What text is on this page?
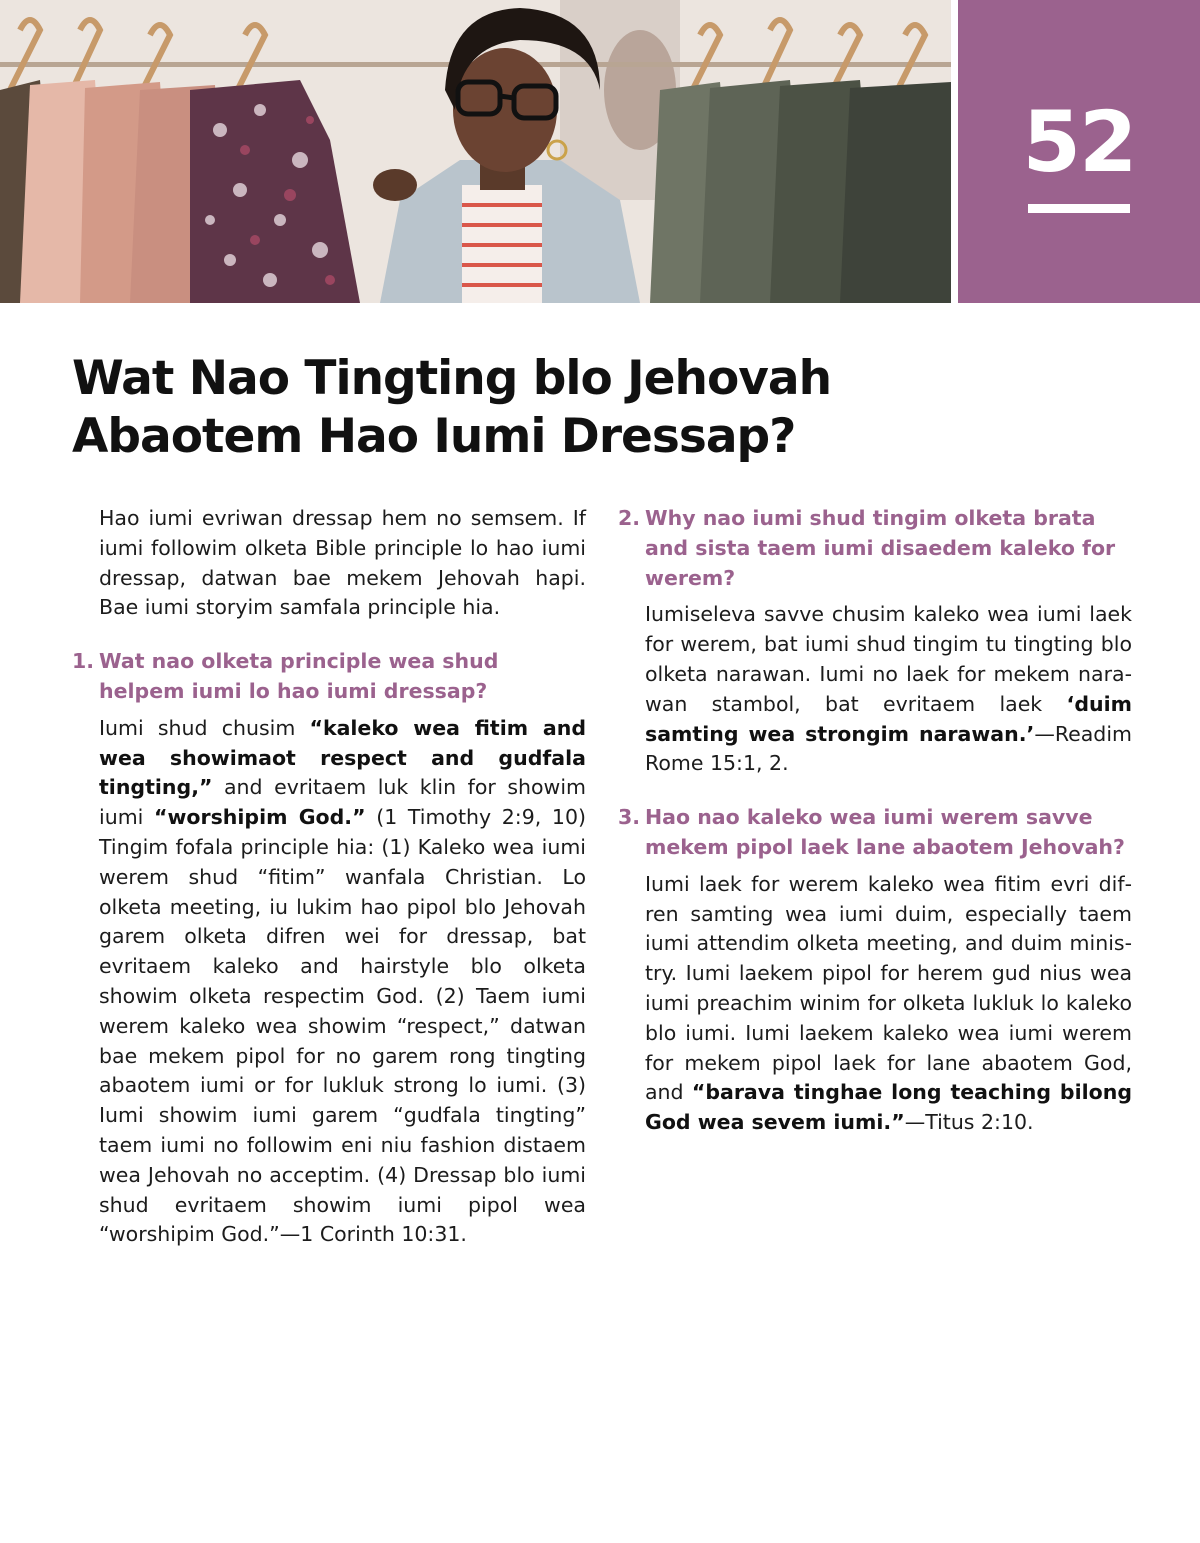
52
Wat Nao Tingting blo Jehovah
Abaotem Hao Iumi Dressap?

Hao iumi evriwan dressap hem no semsem. If iumi followim olketa Bible principle lo hao iumi dressap, datwan bae mekem Jehovah hapi. Bae iumi storyim samfala principle hia.

1. Wat nao olketa principle wea shud helpem iumi lo hao iumi dressap?

Iumi shud chusim “kaleko wea fitim and wea showimaot respect and gudfala tingting,” and evritaem luk klin for showim iumi “worshipim God.” (1 Timothy 2:9, 10) Tingim fofala principle hia: (1) Kaleko wea iumi werem shud “fitim” wanfala Christian. Lo olketa meeting, iu lukim hao pipol blo Jehovah garem olketa difren wei for dressap, bat evritaem kaleko and hairstyle blo olketa showim olketa respectim God. (2) Taem iumi werem kaleko wea showim “respect,” datwan bae mekem pipol for no garem rong tingting abaotem iumi or for lukluk strong lo iumi. (3) Iumi showim iumi garem “gudfala tingting” taem iumi no followim eni niu fashion distaem wea Jehovah no acceptim. (4) Dressap blo iumi shud evritaem showim iumi pipol wea “worshipim God.”—1 Corinth 10:31.

2. Why nao iumi shud tingim olketa brata and sista taem iumi disaedem kaleko for werem?

Iumiseleva savve chusim kaleko wea iumi laek for werem, bat iumi shud tingim tu tingting blo olketa narawan. Iumi no laek for mekem narawan stambol, bat evritaem laek ‘duim samting wea strongim narawan.’—Readim Rome 15:1, 2.

3. Hao nao kaleko wea iumi werem savve mekem pipol laek lane abaotem Jehovah?

Iumi laek for werem kaleko wea fitim evri difren samting wea iumi duim, especially taem iumi attendim olketa meeting, and duim ministry. Iumi laekem pipol for herem gud nius wea iumi preachim winim for olketa lukluk lo kaleko blo iumi. Iumi laekem kaleko wea iumi werem for mekem pipol laek for lane abaotem God, and “barava tinghae long teaching bilong God wea sevem iumi.”—Titus 2:10.
